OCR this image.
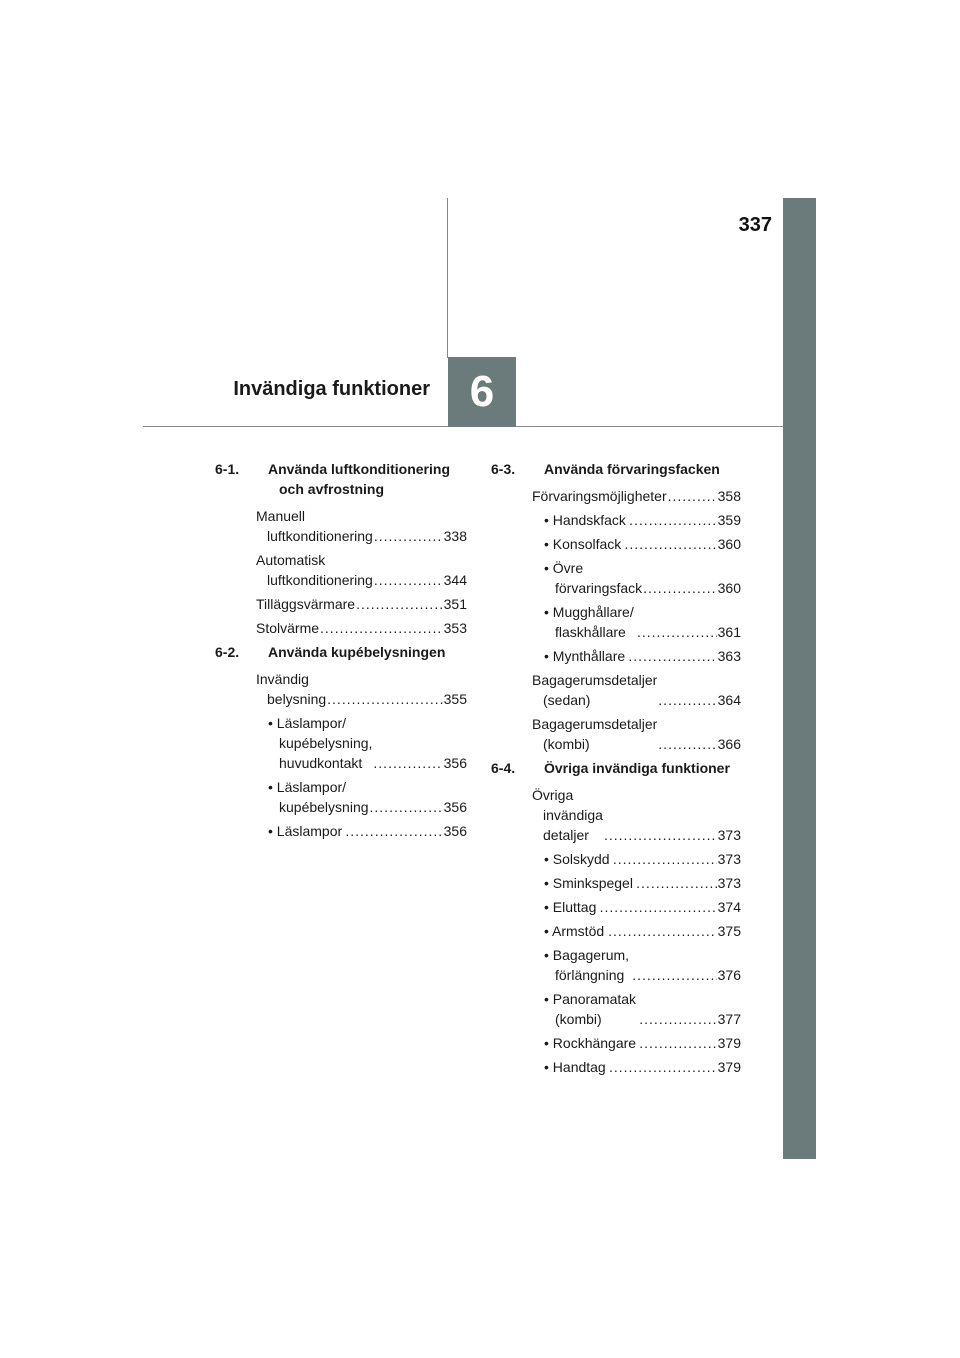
337
6
Invändiga funktioner
6-1. Använda luftkonditionering och avfrostning
Manuell luftkonditionering .....	338
Automatisk luftkonditionering .....	344
Tilläggsvärmare .....	351
Stolvärme .....	353
6-2. Använda kupébelysningen
Invändig belysning .....	355
• Läslampor/ kupébelysning, huvudkontakt .....	356
• Läslampor/ kupébelysning .....	356
• Läslampor .....	356
6-3. Använda förvaringsfacken
Förvaringsmöjligheter .....	358
• Handskfack .....	359
• Konsolfack .....	360
• Övre förvaringsfack .....	360
• Mugghållare/ flaskhållare .....	361
• Mynthållare .....	363
Bagagerumsdetaljer (sedan) .....	364
Bagagerumsdetaljer (kombi) .....	366
6-4. Övriga invändiga funktioner
Övriga invändiga detaljer .....	373
• Solskydd .....	373
• Sminkspegel .....	373
• Eluttag .....	374
• Armstöd .....	375
• Bagagerum, förlängning .....	376
• Panoramatak (kombi) .....	377
• Rockhängare .....	379
• Handtag .....	379
